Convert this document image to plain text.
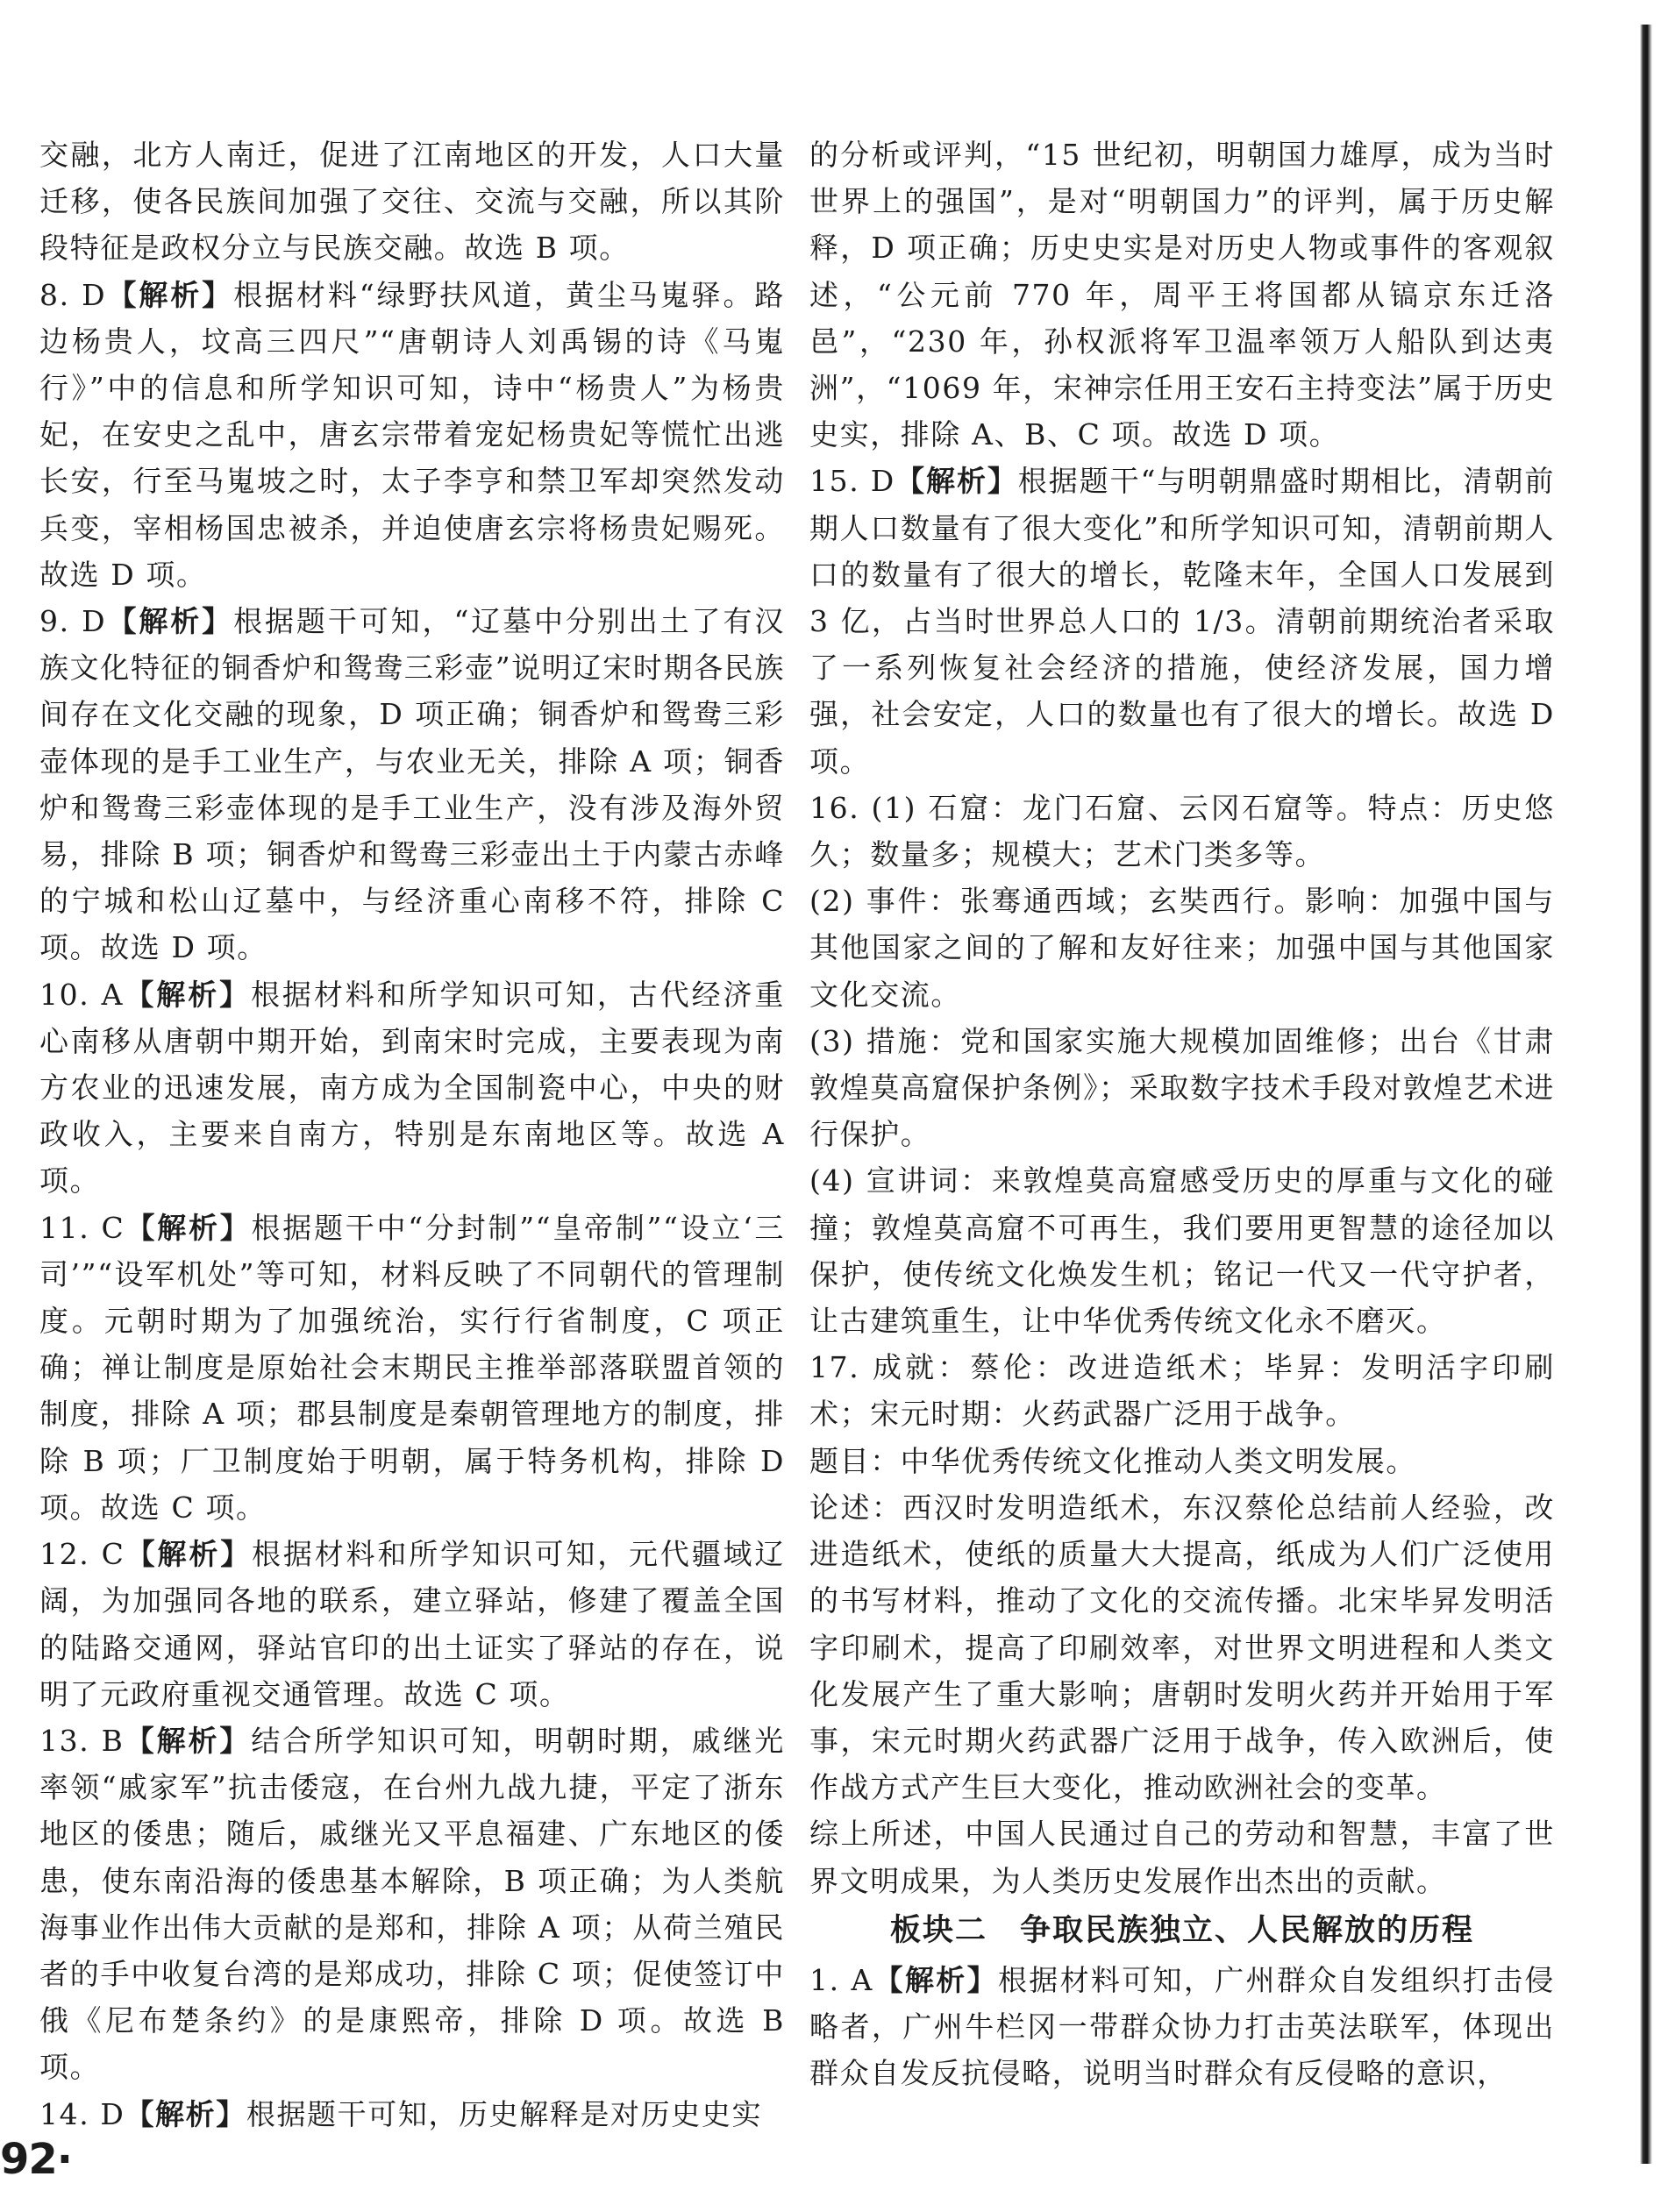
交融，北方人南迁，促进了江南地区的开发，人口大量迁移，使各民族间加强了交往、交流与交融，所以其阶段特征是政权分立与民族交融。故选 B 项。

8. D【解析】根据材料“绿野扶风道，黄尘马嵬驿。路边杨贵人，坟高三四尺”“唐朝诗人刘禹锡的诗《马嵬行》”中的信息和所学知识可知，诗中“杨贵人”为杨贵妃，在安史之乱中，唐玄宗带着宠妃杨贵妃等慌忙出逃长安，行至马嵬坡之时，太子李亨和禁卫军却突然发动兵变，宰相杨国忠被杀，并迫使唐玄宗将杨贵妃赐死。故选 D 项。

9. D【解析】根据题干可知，“辽墓中分别出土了有汉族文化特征的铜香炉和鸳鸯三彩壶”说明辽宋时期各民族间存在文化交融的现象，D 项正确；铜香炉和鸳鸯三彩壶体现的是手工业生产，与农业无关，排除 A 项；铜香炉和鸳鸯三彩壶体现的是手工业生产，没有涉及海外贸易，排除 B 项；铜香炉和鸳鸯三彩壶出土于内蒙古赤峰的宁城和松山辽墓中，与经济重心南移不符，排除 C 项。故选 D 项。

10. A【解析】根据材料和所学知识可知，古代经济重心南移从唐朝中期开始，到南宋时完成，主要表现为南方农业的迅速发展，南方成为全国制瓷中心，中央的财政收入，主要来自南方，特别是东南地区等。故选 A 项。

11. C【解析】根据题干中“分封制”“皇帝制”“设立‘三司’”“设军机处”等可知，材料反映了不同朝代的管理制度。元朝时期为了加强统治，实行行省制度，C 项正确；禅让制度是原始社会末期民主推举部落联盟首领的制度，排除 A 项；郡县制度是秦朝管理地方的制度，排除 B 项；厂卫制度始于明朝，属于特务机构，排除 D 项。故选 C 项。

12. C【解析】根据材料和所学知识可知，元代疆域辽阔，为加强同各地的联系，建立驿站，修建了覆盖全国的陆路交通网，驿站官印的出土证实了驿站的存在，说明了元政府重视交通管理。故选 C 项。

13. B【解析】结合所学知识可知，明朝时期，戚继光率领“戚家军”抗击倭寇，在台州九战九捷，平定了浙东地区的倭患；随后，戚继光又平息福建、广东地区的倭患，使东南沿海的倭患基本解除，B 项正确；为人类航海事业作出伟大贡献的是郑和，排除 A 项；从荷兰殖民者的手中收复台湾的是郑成功，排除 C 项；促使签订中俄《尼布楚条约》的是康熙帝，排除 D 项。故选 B 项。

14. D【解析】根据题干可知，历史解释是对历史史实

的分析或评判，“15 世纪初，明朝国力雄厚，成为当时世界上的强国”，是对“明朝国力”的评判，属于历史解释，D 项正确；历史史实是对历史人物或事件的客观叙述，“公元前 770 年，周平王将国都从镐京东迁洛邑”，“230 年，孙权派将军卫温率领万人船队到达夷洲”，“1069 年，宋神宗任用王安石主持变法”属于历史史实，排除 A、B、C 项。故选 D 项。

15. D【解析】根据题干“与明朝鼎盛时期相比，清朝前期人口数量有了很大变化”和所学知识可知，清朝前期人口的数量有了很大的增长，乾隆末年，全国人口发展到 3 亿，占当时世界总人口的 1/3。清朝前期统治者采取了一系列恢复社会经济的措施，使经济发展，国力增强，社会安定，人口的数量也有了很大的增长。故选 D 项。

16. (1) 石窟：龙门石窟、云冈石窟等。特点：历史悠久；数量多；规模大；艺术门类多等。

(2) 事件：张骞通西域；玄奘西行。影响：加强中国与其他国家之间的了解和友好往来；加强中国与其他国家文化交流。

(3) 措施：党和国家实施大规模加固维修；出台《甘肃敦煌莫高窟保护条例》；采取数字技术手段对敦煌艺术进行保护。

(4) 宣讲词：来敦煌莫高窟感受历史的厚重与文化的碰撞；敦煌莫高窟不可再生，我们要用更智慧的途径加以保护，使传统文化焕发生机；铭记一代又一代守护者，让古建筑重生，让中华优秀传统文化永不磨灭。

17. 成就：蔡伦：改进造纸术；毕昇：发明活字印刷术；宋元时期：火药武器广泛用于战争。

题目：中华优秀传统文化推动人类文明发展。

论述：西汉时发明造纸术，东汉蔡伦总结前人经验，改进造纸术，使纸的质量大大提高，纸成为人们广泛使用的书写材料，推动了文化的交流传播。北宋毕昇发明活字印刷术，提高了印刷效率，对世界文明进程和人类文化发展产生了重大影响；唐朝时发明火药并开始用于军事，宋元时期火药武器广泛用于战争，传入欧洲后，使作战方式产生巨大变化，推动欧洲社会的变革。

综上所述，中国人民通过自己的劳动和智慧，丰富了世界文明成果，为人类历史发展作出杰出的贡献。

板块二　争取民族独立、人民解放的历程

1. A【解析】根据材料可知，广州群众自发组织打击侵略者，广州牛栏冈一带群众协力打击英法联军，体现出群众自发反抗侵略，说明当时群众有反侵略的意识，

92·
